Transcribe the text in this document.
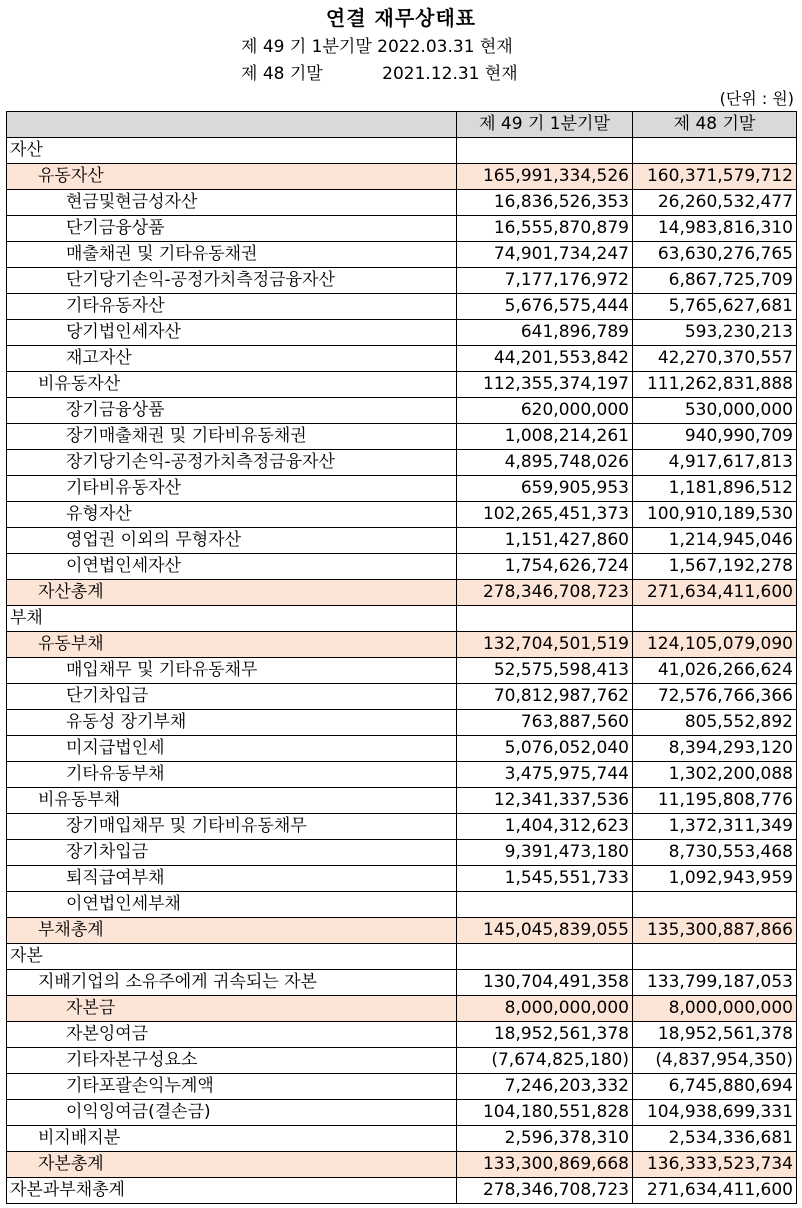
연결 재무상태표
제 49 기 1분기말 2022.03.31 현재
제 48 기말           2021.12.31 현재
(단위 : 원)
	제 49 기 1분기말	제 48 기말
자산		
유동자산	165,991,334,526	160,371,579,712
현금및현금성자산	16,836,526,353	26,260,532,477
단기금융상품	16,555,870,879	14,983,816,310
매출채권 및 기타유동채권	74,901,734,247	63,630,276,765
단기당기손익-공정가치측정금융자산	7,177,176,972	6,867,725,709
기타유동자산	5,676,575,444	5,765,627,681
당기법인세자산	641,896,789	593,230,213
재고자산	44,201,553,842	42,270,370,557
비유동자산	112,355,374,197	111,262,831,888
장기금융상품	620,000,000	530,000,000
장기매출채권 및 기타비유동채권	1,008,214,261	940,990,709
장기당기손익-공정가치측정금융자산	4,895,748,026	4,917,617,813
기타비유동자산	659,905,953	1,181,896,512
유형자산	102,265,451,373	100,910,189,530
영업권 이외의 무형자산	1,151,427,860	1,214,945,046
이연법인세자산	1,754,626,724	1,567,192,278
자산총계	278,346,708,723	271,634,411,600
부채		
유동부채	132,704,501,519	124,105,079,090
매입채무 및 기타유동채무	52,575,598,413	41,026,266,624
단기차입금	70,812,987,762	72,576,766,366
유동성 장기부채	763,887,560	805,552,892
미지급법인세	5,076,052,040	8,394,293,120
기타유동부채	3,475,975,744	1,302,200,088
비유동부채	12,341,337,536	11,195,808,776
장기매입채무 및 기타비유동채무	1,404,312,623	1,372,311,349
장기차입금	9,391,473,180	8,730,553,468
퇴직급여부채	1,545,551,733	1,092,943,959
이연법인세부채		
부채총계	145,045,839,055	135,300,887,866
자본		
지배기업의 소유주에게 귀속되는 자본	130,704,491,358	133,799,187,053
자본금	8,000,000,000	8,000,000,000
자본잉여금	18,952,561,378	18,952,561,378
기타자본구성요소	(7,674,825,180)	(4,837,954,350)
기타포괄손익누계액	7,246,203,332	6,745,880,694
이익잉여금(결손금)	104,180,551,828	104,938,699,331
비지배지분	2,596,378,310	2,534,336,681
자본총계	133,300,869,668	136,333,523,734
자본과부채총계	278,346,708,723	271,634,411,600
